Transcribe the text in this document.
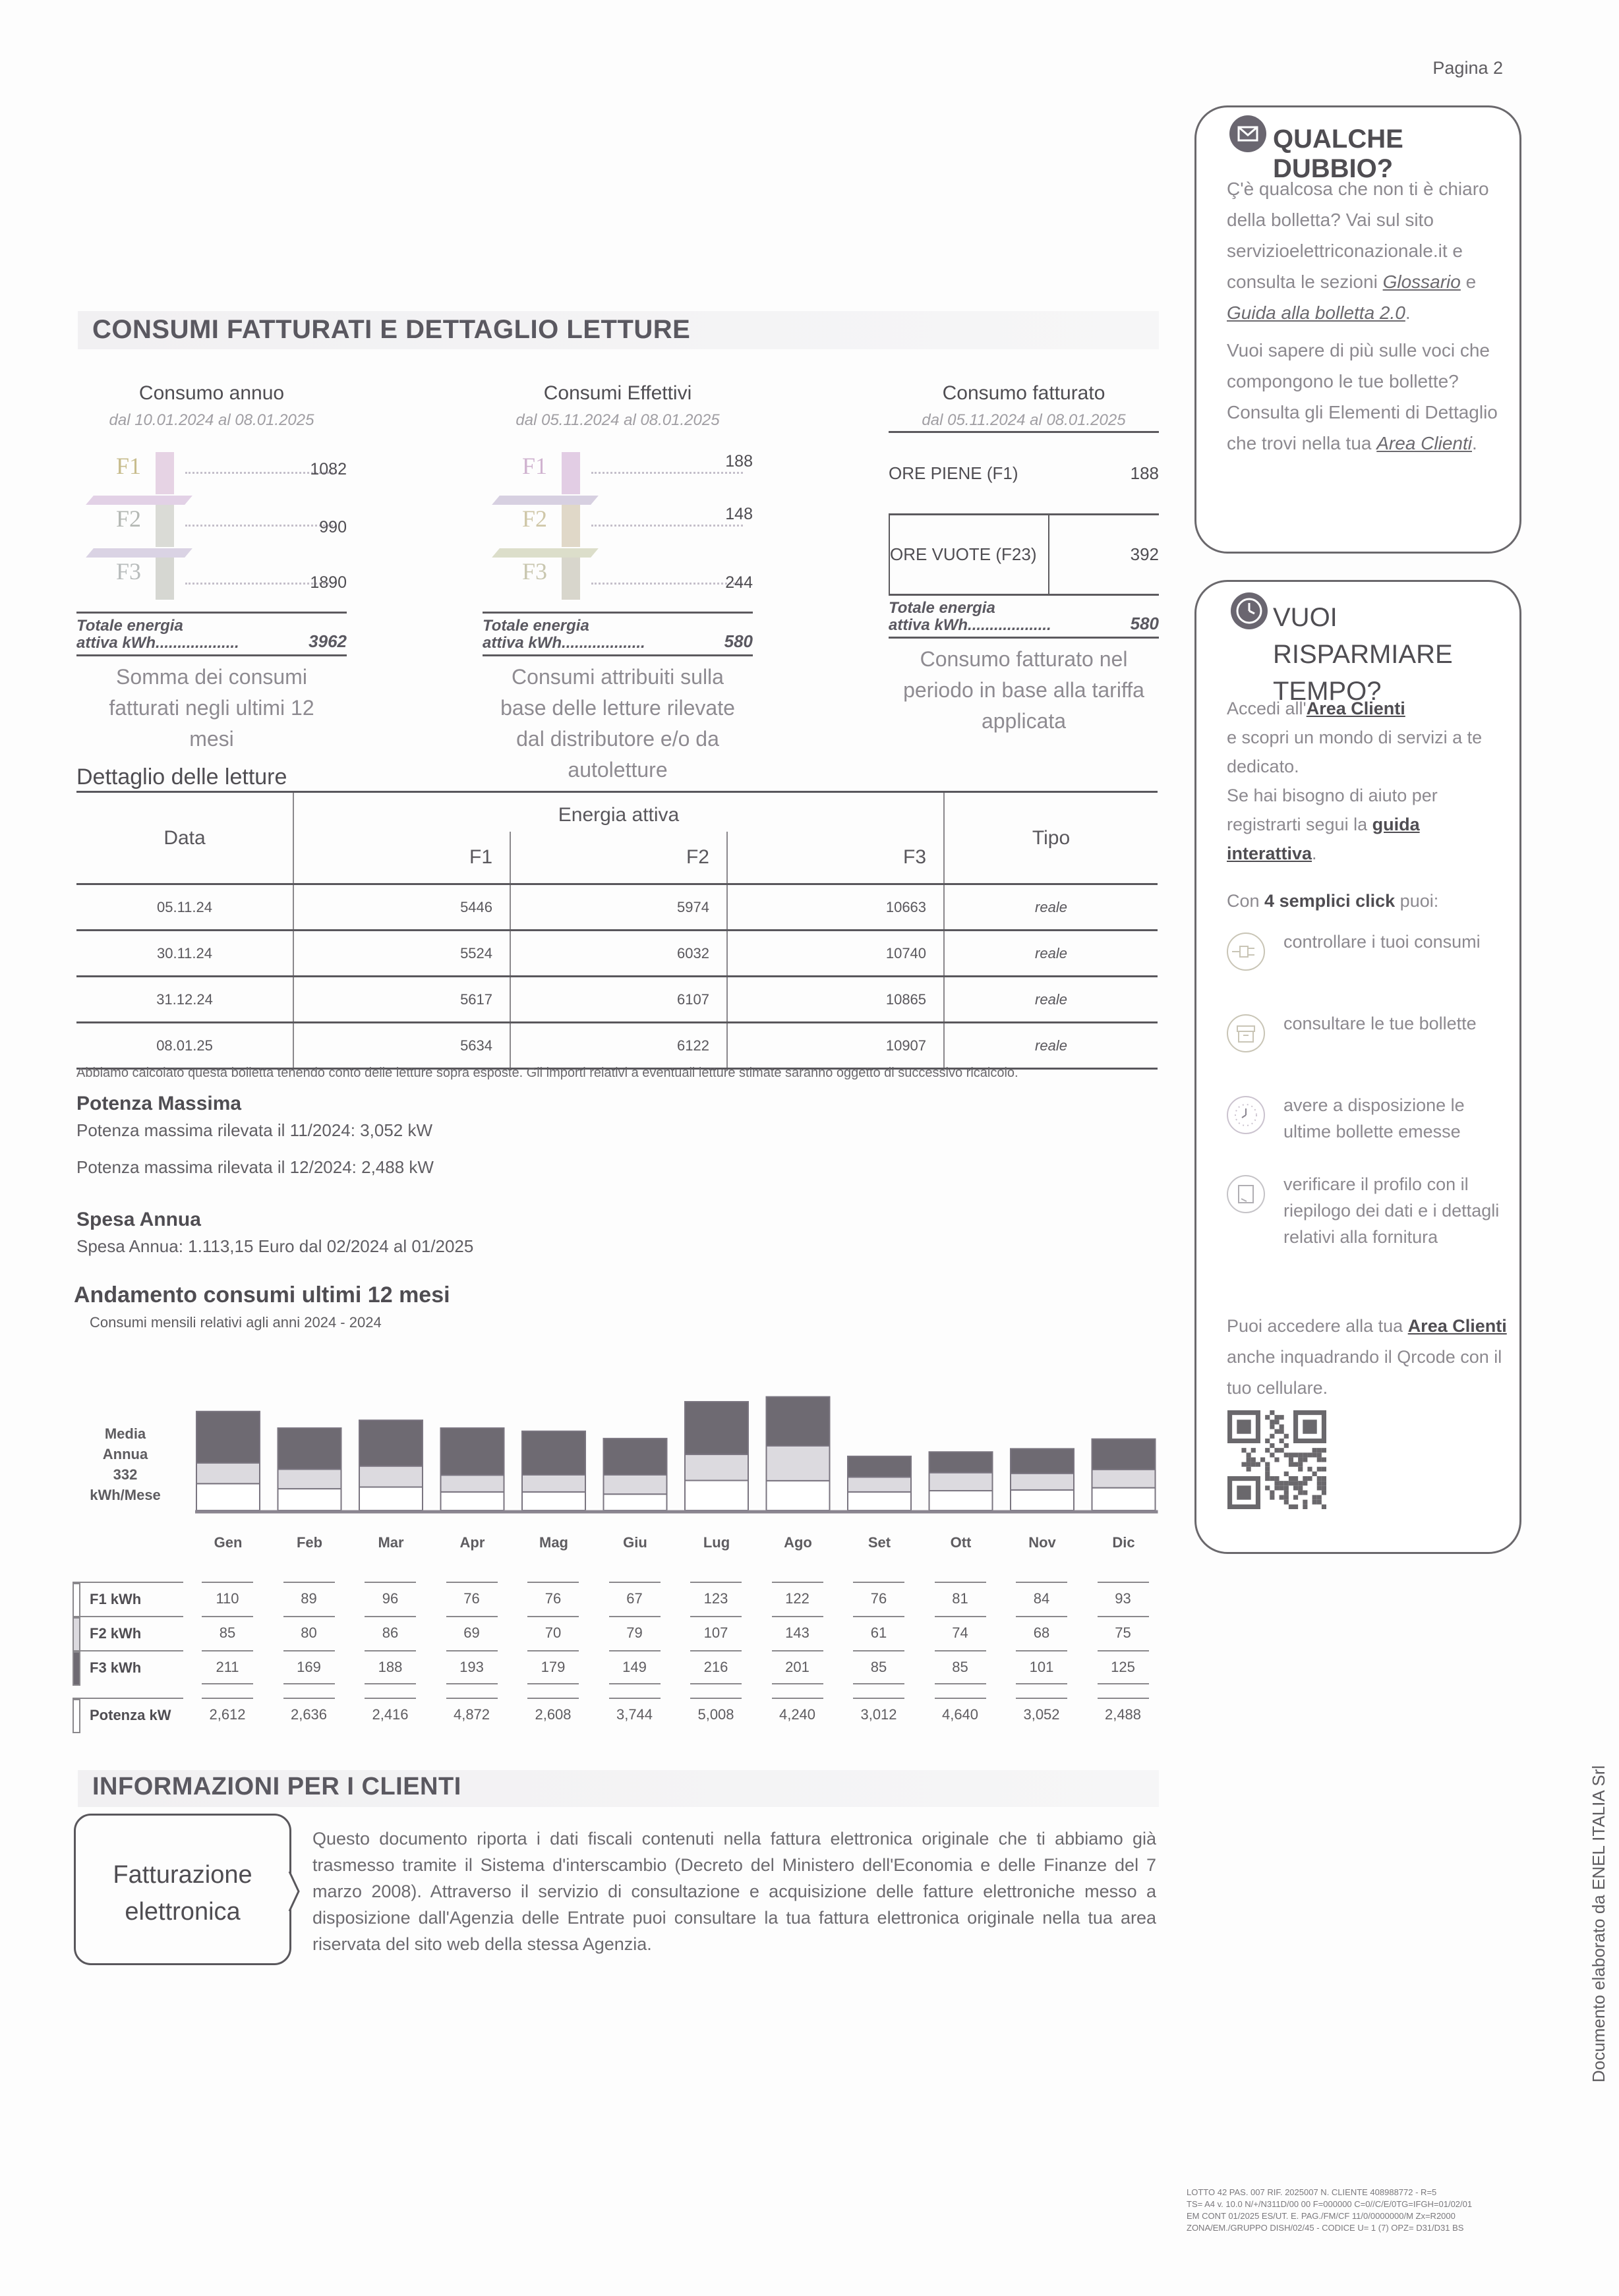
Pagina 2
CONSUMI FATTURATI E DETTAGLIO LETTURE
Consumo annuo
dal 10.01.2024 al 08.01.2025
F1	1082
F2	990
F3	1890
Totale energia
attiva kWh...................	3962
Somma dei consumi fatturati negli ultimi 12 mesi
Consumi Effettivi
dal 05.11.2024 al 08.01.2025
F1	188
F2	148
F3	244
Totale energia
attiva kWh...................	580
Consumi attribuiti sulla base delle letture rilevate dal distributore e/o da autoletture
Consumo fatturato
dal 05.11.2024 al 08.01.2025
ORE PIENE (F1)	188
ORE VUOTE (F23)	392
Totale energia
attiva kWh...................	580
Consumo fatturato nel periodo in base alla tariffa applicata
Dettaglio delle letture
Data	Energia attiva			Tipo
	F1	F2	F3	
05.11.24	5446	5974	10663	reale
30.11.24	5524	6032	10740	reale
31.12.24	5617	6107	10865	reale
08.01.25	5634	6122	10907	reale
Abbiamo calcolato questa bolletta tenendo conto delle letture sopra esposte. Gli importi relativi a eventuali letture stimate saranno oggetto di successivo ricalcolo.
Potenza Massima
Potenza massima rilevata il 11/2024: 3,052 kW
Potenza massima rilevata il 12/2024: 2,488 kW
Spesa Annua
Spesa Annua: 1.113,15 Euro dal 02/2024 al 01/2025
Andamento consumi ultimi 12 mesi
Consumi mensili relativi agli anni 2024 - 2024
Media
Annua
332
kWh/Mese
Gen	Feb	Mar	Apr	Mag	Giu	Lug	Ago	Set	Ott	Nov	Dic
F1 kWh	110	89	96	76	76	67	123	122	76	81	84	93
F2 kWh	85	80	86	69	70	79	107	143	61	74	68	75
F3 kWh	211	169	188	193	179	149	216	201	85	85	101	125
Potenza kW	2,612	2,636	2,416	4,872	2,608	3,744	5,008	4,240	3,012	4,640	3,052	2,488
INFORMAZIONI PER I CLIENTI
Fatturazione
elettronica
Questo documento riporta i dati fiscali contenuti nella fattura elettronica originale che ti abbiamo già trasmesso tramite il Sistema d'interscambio (Decreto del Ministero dell'Economia e delle Finanze del 7 marzo 2008). Attraverso il servizio di consultazione e acquisizione delle fatture elettroniche messo a disposizione dall'Agenzia delle Entrate puoi consultare la tua fattura elettronica originale nella tua area riservata del sito web della stessa Agenzia.
QUALCHE DUBBIO?
Ç'è qualcosa che non ti è chiaro della bolletta? Vai sul sito servizioelettriconazionale.it e consulta le sezioni Glossario e Guida alla bolletta 2.0.
Vuoi sapere di più sulle voci che compongono le tue bollette?
Consulta gli Elementi di Dettaglio che trovi nella tua Area Clienti.
VUOI RISPARMIARE
TEMPO?
Accedi all'Area Clienti
e scopri un mondo di servizi a te dedicato.
Se hai bisogno di aiuto per registrarti segui la guida interattiva.
Con 4 semplici click puoi:
controllare i tuoi consumi
consultare le tue bollette
avere a disposizione le ultime bollette emesse
verificare il profilo con il riepilogo dei dati e i dettagli relativi alla fornitura
Puoi accedere alla tua Area Clienti anche inquadrando il Qrcode con il tuo cellulare.
LOTTO 42 PAS. 007 RIF. 2025007 N. CLIENTE 408988772 - R=5
TS= A4 v. 10.0 N/+/N311D/00 00 F=000000 C=0//C/E/0TG=IFGH=01/02/01
EM CONT 01/2025 ES/UT. E. PAG./FM/CF 11/0/0000000/M Zx=R2000
ZONA/EM./GRUPPO DISH/02/45 - CODICE U= 1 (7) OPZ= D31/D31 BS
Documento elaborato da ENEL ITALIA Srl
